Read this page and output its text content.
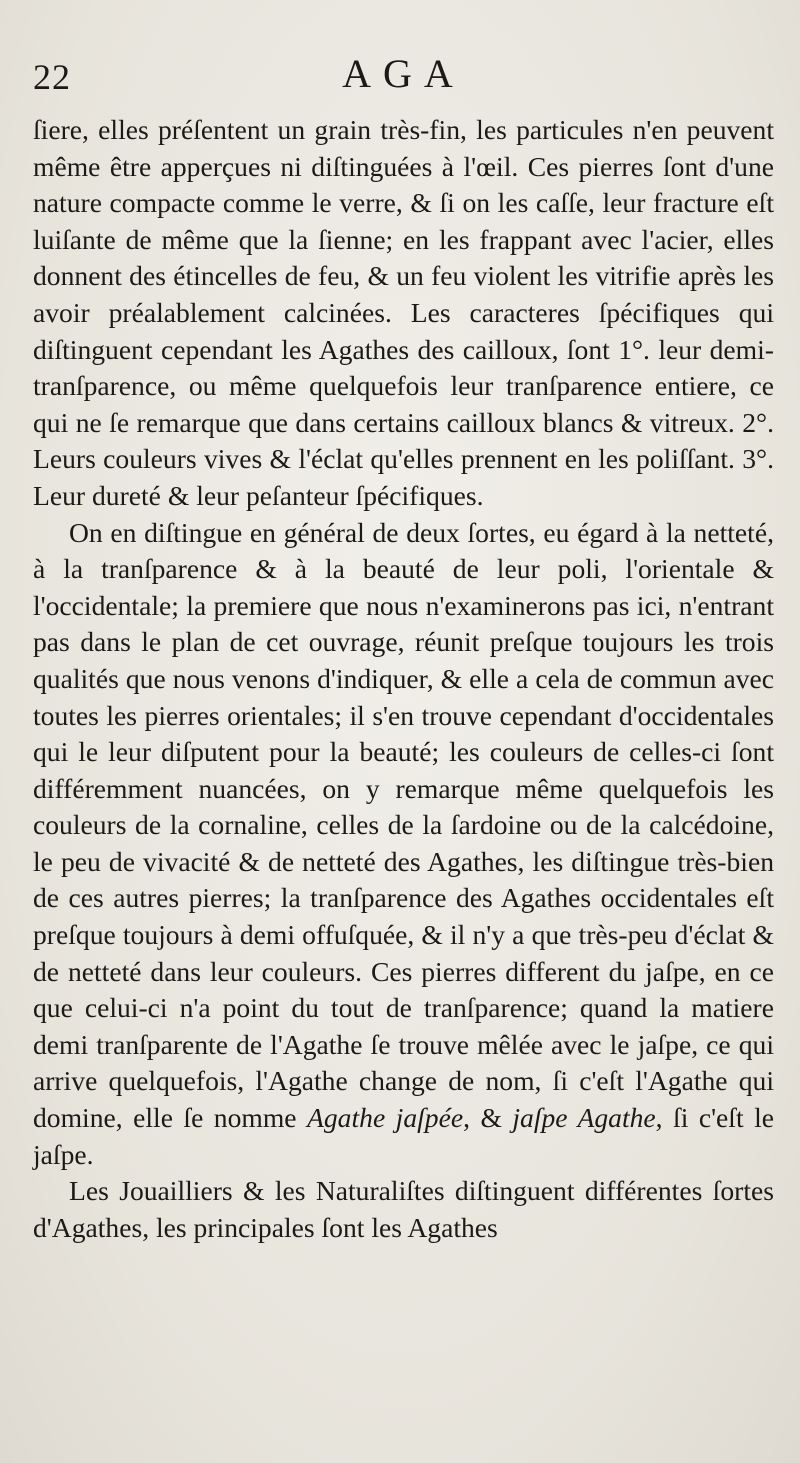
22	AGA

ſiere, elles préſentent un grain très-fin, les particules n'en peuvent même être apperçues ni diſtinguées à l'œil. Ces pierres ſont d'une nature compacte comme le verre, & ſi on les caſſe, leur fracture eſt luiſante de même que la ſienne; en les frappant avec l'acier, elles donnent des étincelles de feu, & un feu violent les vitrifie après les avoir préalablement calcinées. Les caracteres ſpécifiques qui diſtinguent cependant les Agathes des cailloux, ſont 1°. leur demi-tranſparence, ou même quelquefois leur tranſparence entiere, ce qui ne ſe remarque que dans certains cailloux blancs & vitreux. 2°. Leurs couleurs vives & l'éclat qu'elles prennent en les poliſſant. 3°. Leur dureté & leur peſanteur ſpécifiques.

On en diſtingue en général de deux ſortes, eu égard à la netteté, à la tranſparence & à la beauté de leur poli, l'orientale & l'occidentale; la premiere que nous n'examinerons pas ici, n'entrant pas dans le plan de cet ouvrage, réunit preſque toujours les trois qualités que nous venons d'indiquer, & elle a cela de commun avec toutes les pierres orientales; il s'en trouve cependant d'occidentales qui le leur diſputent pour la beauté; les couleurs de celles-ci ſont différemment nuancées, on y remarque même quelquefois les couleurs de la cornaline, celles de la ſardoine ou de la calcédoine, le peu de vivacité & de netteté des Agathes, les diſtingue très-bien de ces autres pierres; la tranſparence des Agathes occidentales eſt preſque toujours à demi offuſquée, & il n'y a que très-peu d'éclat & de netteté dans leur couleurs. Ces pierres different du jaſpe, en ce que celui-ci n'a point du tout de tranſparence; quand la matiere demi tranſparente de l'Agathe ſe trouve mêlée avec le jaſpe, ce qui arrive quelquefois, l'Agathe change de nom, ſi c'eſt l'Agathe qui domine, elle ſe nomme Agathe jaſpée, & jaſpe Agathe, ſi c'eſt le jaſpe.

Les Jouailliers & les Naturaliſtes diſtinguent différentes ſortes d'Agathes, les principales ſont les Agathes
